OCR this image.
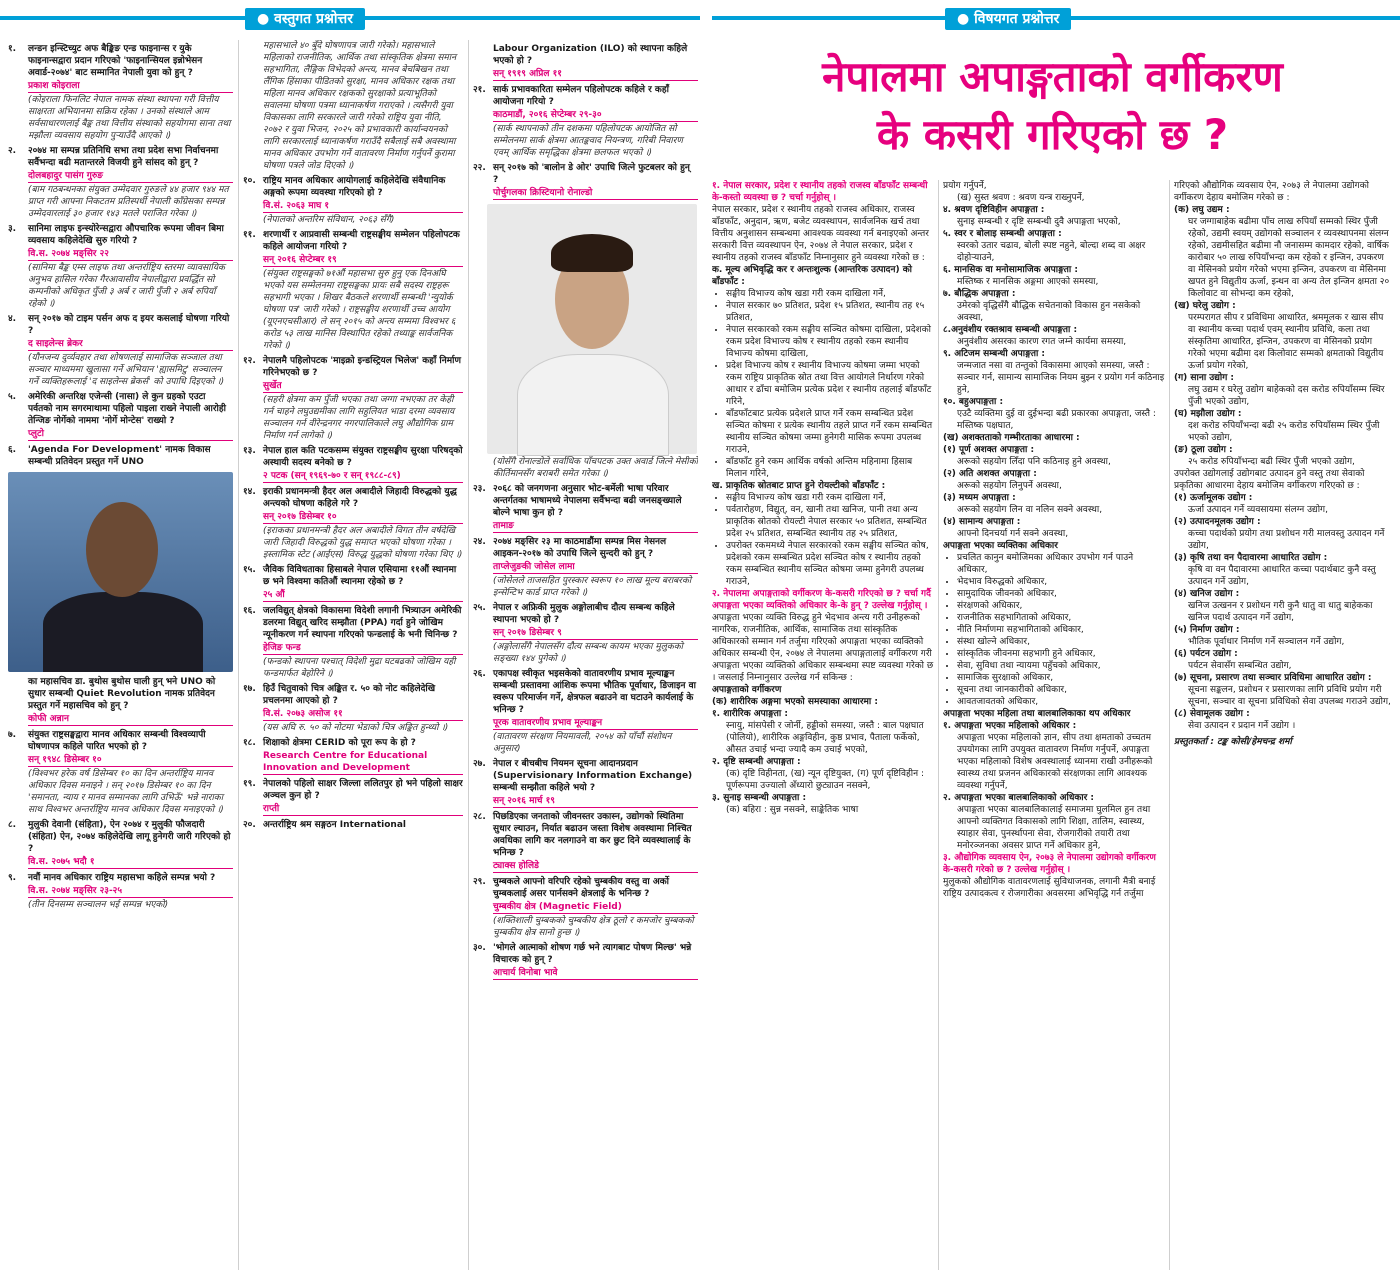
● वस्तुगत प्रश्नोत्तर	● विषयगत प्रश्नोत्तर
१.	लन्डन इन्स्टिच्युट अफ बैङ्किङ एन्ड फाइनान्स र युके फाइनान्सद्वारा प्रदान गरिएको 'फाइनान्सियल इन्नोभेसन अवार्ड-२०७४' बाट सम्मानित नेपाली युवा को हुन् ?
प्रकाश कोइराला
(कोइराला फिनलिट नेपाल नामक संस्था स्थापना गरी वित्तीय साक्षरता अभियानमा सक्रिय रहेका । उनको संस्थाले आम सर्वसाधारणलाई बैङ्क तथा वित्तीय संस्थाको सहयोगमा साना तथा मझौला व्यवसाय सहयोग पुऱ्याउँदै आएको ।)
२.	२०७४ मा सम्पन्न प्रतिनिधि सभा तथा प्रदेश सभा निर्वाचनमा सर्वैभन्दा बढी मतान्तरले विजयी हुने सांसद को हुन् ?
दोलबहादुर पासंग गुरुङ
(बाम गठबन्धनका संयुक्त उम्मेदवार गुरुङले ४४ हजार ९४४ मत प्राप्त गरी आफ्ना निकटतम प्रतिस्पर्धी नेपाली काँग्रेसका सम्पन्न उम्मेदवारलाई ३० हजार १४३ मतले पराजित गरेका ।)
३.	सानिमा लाइफ इन्स्योरेन्सद्वारा औपचारिक रूपमा जीवन बिमा व्यवसाय कहिलेदेखि सुरु गरियो ?
वि.स. २०७४ मङ्सिर २२
(सानिमा बैङ्क एम्स लाइफ तथा अन्तर्राष्ट्रिय स्तरमा व्यावसायिक अनुभव हासिल गरेका गैरआवासीय नेपालीद्वारा प्रवर्द्धित सो कम्पनीको अधिकृत पुँजी ३ अर्ब र जारी पुँजी २ अर्ब रुपियाँ रहेको ।)
४.	सन् २०१७ को टाइम पर्सन अफ द इयर कसलाई घोषणा गरियो ?
द साइलेन्स ब्रेकर
(यौनजन्य दुर्व्यवहार तथा शोषणलाई सामाजिक सञ्जाल तथा सञ्चार माध्यममा खुलासा गर्ने अभियान 'ह्यासमिटु' सञ्चालन गर्ने व्यक्तिहरूलाई 'द साइलेन्स ब्रेकर्स' को उपाधि दिइएको ।)
५.	अमेरिकी अन्तरिक्ष एजेन्सी (नासा) ले कुन ग्रहको एउटा पर्वतको नाम सगरमाथामा पहिलो पाइला राख्ने नेपाली आरोही तेन्जिङ नोर्गेको नाममा 'नोर्गे मोन्टेस' राख्यो ?
प्लुटो
६.	'Agenda For Development' नामक विकास सम्बन्धी प्रतिवेदन प्रस्तुत गर्ने UNO
का महासचिव डा. बुथोस बुथोस घाली हुन् भने UNO को सुधार सम्बन्धी Quiet Revolution नामक प्रतिवेदन प्रस्तुत गर्ने महासचिव को हुन् ?
कोफी अन्नान
७.	संयुक्त राष्ट्रसङ्घद्वारा मानव अधिकार सम्बन्धी विश्वव्यापी घोषणापत्र कहिले पारित भएको हो ?
सन् १९४८ डिसेम्बर १०
(विश्वभर हरेक वर्ष डिसेम्बर १० का दिन अन्तर्राष्ट्रिय मानव अधिकार दिवस मनाइने । सन् २०१७ डिसेम्बर १० का दिन 'समानता, न्याय र मानव सम्मानका लागि उभिऊँ' भन्ने नाराका साथ विश्वभर अन्तर्राष्ट्रिय मानव अधिकार दिवस मनाइएको ।)
८.	मुलुकी देवानी (संहिता), ऐन २०७४ र मुलुकी फौजदारी (संहिता) ऐन, २०७४ कहिलेदेखि लागू हुनेगरी जारी गरिएको हो ?
वि.स. २०७५ भदौ १
९.	नवौं मानव अधिकार राष्ट्रिय महासभा कहिले सम्पन्न भयो ?
वि.स. २०७४ मङ्सिर २३-२५
(तीन दिनसम्म सञ्चालन भई सम्पन्न भएको)
महासभाले ४० बुँदे घोषणापत्र जारी गरेको। महासभाले महिलाको राजनीतिक, आर्थिक तथा सांस्कृतिक क्षेत्रमा समान सहभागिता, लैङ्गिक विभेदको अन्त्य, मानव बेचबिखन तथा लैंगिक हिंसाका पीडितको सुरक्षा, मानव अधिकार रक्षक तथा महिला मानव अधिकार रक्षकको सुरक्षाको प्रत्याभूतिको सवालमा घोषणा पत्रमा ध्यानाकर्षण गराएको । त्यसैगरी युवा विकासका लागि सरकारले जारी गरेको राष्ट्रिय युवा नीति, २०७२ र युवा भिजन, २०२५ को प्रभावकारी कार्यान्वयनको लागि सरकारलाई ध्यानाकर्षण गराउँदै सबैलाई सबै अवस्थामा मानव अधिकार उपभोग गर्ने वातावरण निर्माण गर्नुपर्ने कुरामा घोषणा पत्रले जोड दिएको ।)
१०. राष्ट्रिय मानव अधिकार आयोगलाई कहिलेदेखि संवैधानिक अङ्गको रूपमा व्यवस्था गरिएको हो ?
वि.सं. २०६३ माघ १
(नेपालको अन्तरिम संविधान, २०६३ सँगै)
११. शरणार्थी र आप्रवासी सम्बन्धी राष्ट्रसङ्घीय सम्मेलन पहिलोपटक कहिले आयोजना गरियो ?
सन् २०१६ सेप्टेम्बर १९
(संयुक्त राष्ट्रसङ्घको ७१औं महासभा सुरु हुनु एक दिनअघि भएको यस सम्मेलनमा राष्ट्रसङ्घका प्रायः सबै सदस्य राष्ट्रहरू सहभागी भएका । शिखर बैठकले शरणार्थी सम्बन्धी 'न्युयोर्क घोषणा पत्र' जारी गरेको । राष्ट्रसङ्घीय शरणार्थी उच्च आयोग (यूएनएचसीआर) ले सन् २०१५ को अन्त्य सम्ममा विश्वभर ६ करोड ५३ लाख मानिस विस्थापित रहेको तथ्याङ्क सार्वजनिक गरेको ।)
१२. नेपालमै पहिलोपटक 'माइक्रो इन्डस्ट्रियल भिलेज' कहाँ निर्माण गरिनेभएको छ ?
सुर्खेत
(सहरी क्षेत्रमा कम पुँजी भएका तथा जग्गा नभएका तर केही गर्न चाहने लघुउद्यमीका लागि सहुलियत भाडा दरमा व्यवसाय सञ्चालन गर्न वीरेन्द्रनगर नगरपालिकाले लघु औद्योगिक ग्राम निर्माण गर्न लागेको ।)
१३. नेपाल हाल कति पटकसम्म संयुक्त राष्ट्रसङ्घीय सुरक्षा परिषद्को अस्थायी सदस्य बनेको छ ?
२ पटक (सन् १९६९-७० र सन् १९८८-८९)
१४. इराकी प्रधानमन्त्री हैदर अल अबादीले जिहादी विरुद्धको युद्ध अन्त्यको घोषणा कहिले गरे ?
सन् २०१७ डिसेम्बर १०
(इराकका प्रधानमन्त्री हैदर अल अबादीले विगत तीन वर्षदेखि जारी जिहादी विरुद्धको युद्ध समाप्त भएको घोषणा गरेका । इस्लामिक स्टेट (आईएस) विरुद्ध युद्धको घोषणा गरेका थिए ।)
१५. जैविक विविधताका हिसाबले नेपाल एसियामा ११औं स्थानमा छ भने विश्वमा कतिऔं स्थानमा रहेको छ ?
२५ औं
१६. जलविद्युत् क्षेत्रको विकासमा विदेशी लगानी भित्र्याउन अमेरिकी डलरमा विद्युत् खरिद सम्झौता (PPA) गर्दा हुने जोखिम न्यूनीकरण गर्न स्थापना गरिएको फन्डलाई के भनी चिनिन्छ ?
हेजिङ फन्ड
(फन्डको स्थापना पश्चात् विदेशी मुद्रा घटबढको जोखिम यही फन्डमार्फत बेहोरिने ।)
१७. हिउँ चितुवाको चित्र अङ्कित र. ५० को नोट कहिलेदेखि प्रचलनमा आएको हो ?
वि.सं. २०७३ असोज ११
(यस अघि रु. ५० को नोटमा भेडाको चित्र अङ्कित हुन्थ्यो ।)
१८. शिक्षाको क्षेत्रमा CERID को पूरा रूप के हो ?
Research Centre for Educational Innovation and Development
१९. नेपालको पहिलो साक्षर जिल्ला ललितपुर हो भने पहिलो साक्षर अञ्चल कुन हो ?
राप्ती
२०. अन्तर्राष्ट्रिय श्रम सङ्गठन International
Labour Organization (ILO) को स्थापना कहिले भएको हो ?
सन् १९१९ अप्रिल ११
२१. सार्क प्रभावकारिता सम्मेलन पहिलोपटक कहिले र कहाँ आयोजना गरियो ?
काठमाडौं, २०१६ सेप्टेम्बर २९-३०
(सार्क स्थापनाको तीन दशकमा पहिलोपटक आयोजित सो सम्मेलनमा सार्क क्षेत्रमा आतङ्कवाद नियन्त्रण, गरिबी निवारण एवम् आर्थिक समृद्धिका क्षेत्रमा छलफल भएको ।)
२२. सन् २०१७ को 'बालोन डे ओर' उपाधि जित्ने फुटबलर को हुन् ?
पोर्चुगलका क्रिस्टियानो रोनाल्डो
(योसँगै रोनाल्डोले सर्वाधिक पाँचपटक उक्त अवार्ड जित्ने मेसीको कीर्तिमानसँग बराबरी समेत गरेका ।)
२३. २०६८ को जनगणना अनुसार भोट-बर्मेली भाषा परिवार अन्तर्गतका भाषामध्ये नेपालमा सर्वैभन्दा बढी जनसङ्ख्याले बोल्ने भाषा कुन हो ?
तामाङ
२४. २०७४ मङ्सिर २३ मा काठमाडौंमा सम्पन्न मिस नेसनल आइकन-२०१७ को उपाधि जित्ने सुन्दरी को हुन् ?
ताप्लेजुङकी जोसेल लामा
(जोसेलले ताजसहित पुरस्कार स्वरूप १० लाख मूल्य बराबरको इन्सेन्टिभ कार्ड प्राप्त गरेको ।)
२५. नेपाल र अफ्रिकी मुलुक अङ्गोलाबीच दौत्य सम्बन्ध कहिले स्थापना भएको हो ?
सन् २०१७ डिसेम्बर ९
(अङ्गोलासँगै नेपालसँग दौत्य सम्बन्ध कायम भएका मुलुकको सङ्ख्या १४४ पुगेको ।)
२६. एकापक्ष स्वीकृत भइसकेको वातावरणीय प्रभाव मूल्याङ्कन सम्बन्धी प्रस्तावमा आंशिक रूपमा भौतिक पूर्वाधार, डिजाइन वा स्वरूप परिमार्जन गर्ने, क्षेत्रफल बढाउने वा घटाउने कार्यलाई के भनिन्छ ?
पूरक वातावरणीय प्रभाव मूल्याङ्कन
(वातावरण संरक्षण नियमावली, २०५४ को पाँचौं संशोधन अनुसार)
२७. नेपाल र बीचबीच नियमन सूचना आदानप्रदान (Supervisionary Information Exchange) सम्बन्धी सम्झौता कहिले भयो ?
सन् २०१६ मार्च १९
२८. पिछडिएका जनताको जीवनस्तर उकास्न, उद्योगको स्थितिमा सुधार ल्याउन, निर्यात बढाउन जस्ता विशेष अवस्थामा निश्चित अवधिका लागि कर नलगाउने वा कर छुट दिने व्यवस्थालाई के भनिन्छ ?
ट्याक्स होलिडे
२९. चुम्बकले आफ्नो वरिपरि रहेको चुम्बकीय वस्तु वा अर्को चुम्बकलाई असर पार्नसक्ने क्षेत्रलाई के भनिन्छ ?
चुम्बकीय क्षेत्र (Magnetic Field)
(शक्तिशाली चुम्बकको चुम्बकीय क्षेत्र ठूलो र कमजोर चुम्बकको चुम्बकीय क्षेत्र सानो हुन्छ ।)
३०. 'भोगले आत्माको शोषण गर्छ भने त्यागबाट पोषण मिल्छ' भन्ने विचारक को हुन् ?
आचार्य विनोबा भावे
नेपालमा अपाङ्गताको वर्गीकरण
के कसरी गरिएको छ ?
१. नेपाल सरकार, प्रदेश र स्थानीय तहको राजस्व बाँडफाँट सम्बन्धी के-कस्तो व्यवस्था छ ? चर्चा गर्नुहोस् ।
नेपाल सरकार, प्रदेश र स्थानीय तहको राजस्व अधिकार, राजस्व बाँडफाँट, अनुदान, ऋण, बजेट व्यवस्थापन, सार्वजनिक खर्च तथा वित्तीय अनुशासन सम्बन्धमा आवश्यक व्यवस्था गर्न बनाइएको अन्तर सरकारी वित्त व्यवस्थापन ऐन, २०७४ ले नेपाल सरकार, प्रदेश र स्थानीय तहको राजस्व बाँडफाँट निम्नानुसार हुने व्यवस्था गरेको छ :
क. मूल्य अभिवृद्धि कर र अन्तःशुल्क (आन्तरिक उत्पादन) को बाँडफाँट :
• सङ्घीय विभाज्य कोष खडा गरी रकम दाखिला गर्ने,
• नेपाल सरकार ७० प्रतिशत, प्रदेश १५ प्रतिशत, स्थानीय तह १५ प्रतिशत,
• नेपाल सरकारको रकम सङ्घीय सञ्चित कोषमा दाखिला, प्रदेशको रकम प्रदेश विभाज्य कोष र स्थानीय तहको रकम स्थानीय विभाज्य कोषमा दाखिला,
• प्रदेश विभाज्य कोष र स्थानीय विभाज्य कोषमा जम्मा भएको रकम राष्ट्रिय प्राकृतिक स्रोत तथा वित्त आयोगले निर्धारण गरेको आधार र ढाँचा बमोजिम प्रत्येक प्रदेश र स्थानीय तहलाई बाँडफाँट गरिने,
• बाँडफाँटबाट प्रत्येक प्रदेशले प्राप्त गर्ने रकम सम्बन्धित प्रदेश सञ्चित कोषमा र प्रत्येक स्थानीय तहले प्राप्त गर्ने रकम सम्बन्धित स्थानीय सञ्चित कोषमा जम्मा हुनेगरी मासिक रूपमा उपलब्ध गराउने,
• बाँडफाँट हुने रकम आर्थिक वर्षको अन्तिम महिनामा हिसाब मिलान गरिने,
ख. प्राकृतिक स्रोतबाट प्राप्त हुने रोयल्टीको बाँडफाँट :
• सङ्घीय विभाज्य कोष खडा गरी रकम दाखिला गर्ने,
• पर्वतारोहण, विद्युत्, वन, खानी तथा खनिज, पानी तथा अन्य प्राकृतिक स्रोतको रोयल्टी नेपाल सरकार ५० प्रतिशत, सम्बन्धित प्रदेश २५ प्रतिशत, सम्बन्धित स्थानीय तह २५ प्रतिशत,
• उपरोक्त रकममध्ये नेपाल सरकारको रकम सङ्घीय सञ्चित कोष, प्रदेशको रकम सम्बन्धित प्रदेश सञ्चित कोष र स्थानीय तहको रकम सम्बन्धित स्थानीय सञ्चित कोषमा जम्मा हुनेगरी उपलब्ध गराउने,
२. नेपालमा अपाङ्गताको वर्गीकरण के-कसरी गरिएको छ ? चर्चा गर्दै अपाङ्गता भएका व्यक्तिको अधिकार के-के हुन् ? उल्लेख गर्नुहोस् ।
अपाङ्गता भएका व्यक्ति विरुद्ध हुने भेदभाव अन्त्य गरी उनीहरूको नागरिक, राजनीतिक, आर्थिक, सामाजिक तथा सांस्कृतिक अधिकारको सम्मान गर्न तर्जुमा गरिएको अपाङ्गता भएका व्यक्तिको अधिकार सम्बन्धी ऐन, २०७४ ले नेपालमा अपाङ्गतालाई वर्गीकरण गरी अपाङ्गता भएका व्यक्तिको अधिकार सम्बन्धमा स्पष्ट व्यवस्था गरेको छ । जसलाई निम्नानुसार उल्लेख गर्न सकिन्छ :
अपाङ्गताको वर्गीकरण
(क) शारीरिक अङ्गमा भएको समस्याका आधारमा :
१. शारीरिक अपाङ्गता :
स्नायु, मांसपेसी र जोर्नी, हड्डीको समस्या, जस्तै : बाल पक्षघात (पोलियो), शारीरिक अङ्गविहीन, कुष्ठ प्रभाव, पैताला फर्केको, औसत उचाई भन्दा ज्यादै कम उचाई भएको,
२. दृष्टि सम्बन्धी अपाङ्गता :
(क) दृष्टि विहीनता, (ख) न्यून दृष्टियुक्त, (ग) पूर्ण दृष्टिविहीन : पूर्णरूपमा उज्यालो अँध्यारो छुट्याउन नसक्ने,
३. सुनाइ सम्बन्धी अपाङ्गता :
(क) बहिरा : सुन्न नसक्ने, साङ्केतिक भाषा
प्रयोग गर्नुपर्ने,
(ख) सुस्त श्रवण : श्रवण यन्त्र राख्नुपर्ने,
४. श्रवण दृष्टिविहीन अपाङ्गता :
सुनाइ सम्बन्धी र दृष्टि सम्बन्धी दुवै अपाङ्गता भएको,
५. स्वर र बोलाइ सम्बन्धी अपाङ्गता :
स्वरको उतार चढाव, बोली स्पष्ट नहुने, बोल्दा शब्द वा अक्षर दोहोऱ्याउने,
६. मानसिक वा मनोसामाजिक अपाङ्गता :
मस्तिष्क र मानसिक अङ्गमा आएको समस्या,
७. बौद्धिक अपाङ्गता :
उमेरको वृद्धिसँगै बौद्धिक सचेतनाको विकास हुन नसकेको अवस्था,
८.अनुवंशीय रक्तश्राव सम्बन्धी अपाङ्गता :
अनुवंशीय असरका कारण रगत जम्ने कार्यमा समस्या,
९. अटिजम सम्बन्धी अपाङ्गता :
जन्मजात नसा वा तन्तुको विकासमा आएको समस्या, जस्तै : सञ्चार गर्न, सामान्य सामाजिक नियम बुझ्न र प्रयोग गर्न कठिनाइ हुने,
१०. बहुअपाङ्गता :
एउटै व्यक्तिमा दुई वा दुईभन्दा बढी प्रकारका अपाङ्गता, जस्तै : मस्तिष्क पक्षघात,
(ख) अशक्तताको गम्भीरताका आधारमा :
(१) पूर्ण अशक्त अपाङ्गता :
अरूको सहयोग लिँदा पनि कठिनाइ हुने अवस्था,
(२) अति अशक्त अपाङ्गता :
अरूको सहयोग लिनुपर्ने अवस्था,
(३) मध्यम अपाङ्गता :
अरूको सहयोग लिन वा नलिन सक्ने अवस्था,
(४) सामान्य अपाङ्गता :
आफ्नो दिनचर्या गर्न सक्ने अवस्था,
अपाङ्गता भएका व्यक्तिका अधिकार
• प्रचलित कानुन बमोजिमका अधिकार उपभोग गर्न पाउने अधिकार,
• भेदभाव विरुद्धको अधिकार,
• सामुदायिक जीवनको अधिकार,
• संरक्षणको अधिकार,
• राजनीतिक सहभागिताको अधिकार,
• नीति निर्माणमा सहभागिताको अधिकार,
• संस्था खोल्ने अधिकार,
• सांस्कृतिक जीवनमा सहभागी हुने अधिकार,
• सेवा, सुविधा तथा न्यायमा पहुँचको अधिकार,
• सामाजिक सुरक्षाको अधिकार,
• सूचना तथा जानकारीको अधिकार,
• आवतजावतको अधिकार,
अपाङ्गता भएका महिला तथा बालबालिकाका थप अधिकार
१. अपाङ्गता भएका महिलाको अधिकार :
अपाङ्गता भएका महिलाको ज्ञान, सीप तथा क्षमताको उच्चतम उपयोगका लागि उपयुक्त वातावरण निर्माण गर्नुपर्ने, अपाङ्गता भएका महिलाको विशेष अवस्थालाई ध्यानमा राखी उनीहरूको स्वास्थ्य तथा प्रजनन अधिकारको संरक्षणका लागि आवश्यक व्यवस्था गर्नुपर्ने,
२. अपाङ्गता भएका बालबालिकाको अधिकार :
अपाङ्गता भएका बालबालिकालाई समाजमा घुलमिल हुन तथा आफ्नो व्यक्तिगत विकासको लागि शिक्षा, तालिम, स्वास्थ्य, स्याहार सेवा, पुनर्स्थापना सेवा, रोजगारीको तयारी तथा मनोरञ्जनका अवसर प्राप्त गर्ने अधिकार हुने,
३. औद्योगिक व्यवसाय ऐन, २०७३ ले नेपालमा उद्योगको वर्गीकरण के-कसरी गरेको छ ? उल्लेख गर्नुहोस् ।
मुलुकको औद्योगिक वातावरणलाई सुविधाजनक, लगानी मैत्री बनाई राष्ट्रिय उत्पादकत्व र रोजगारीका अवसरमा अभिवृद्धि गर्न तर्जुमा
गरिएको औद्योगिक व्यवसाय ऐन, २०७३ ले नेपालमा उद्योगको वर्गीकरण देहाय बमोजिम गरेको छ :
(क) लघु उद्यम :
घर जग्गाबाहेक बढीमा पाँच लाख रुपियाँ सम्मको स्थिर पुँजी रहेको, उद्यमी स्वयम् उद्योगको सञ्चालन र व्यवस्थापनमा संलग्न रहेको, उद्यमीसहित बढीमा नौ जनासम्म कामदार रहेको, वार्षिक कारोबार ५० लाख रुपियाँभन्दा कम रहेको र इन्जिन, उपकरण वा मेसिनको प्रयोग गरेको भएमा इन्जिन, उपकरण वा मेसिनमा खपत हुने विद्युतीय ऊर्जा, इन्धन वा अन्य तेल इन्जिन क्षमता २० किलोवाट वा सोभन्दा कम रहेको,
(ख) घरेलु उद्योग :
परम्परागत सीप र प्रविधिमा आधारित, श्रममूलक र खास सीप वा स्थानीय कच्चा पदार्थ एवम् स्थानीय प्रविधि, कला तथा संस्कृतिमा आधारित, इन्जिन, उपकरण वा मेसिनको प्रयोग गरेको भएमा बढीमा दश किलोवाट सम्मको क्षमताको विद्युतीय ऊर्जा प्रयोग गरेको,
(ग) साना उद्योग :
लघु उद्यम र घरेलु उद्योग बाहेकको दस करोड रुपियाँसम्म स्थिर पुँजी भएको उद्योग,
(घ) मझौला उद्योग :
दश करोड रुपियाँभन्दा बढी २५ करोड रुपियाँसम्म स्थिर पुँजी भएको उद्योग,
(ङ) ठूला उद्योग :
२५ करोड रुपियाँभन्दा बढी स्थिर पुँजी भएको उद्योग,
उपरोक्त उद्योगलाई उद्योगबाट उत्पादन हुने वस्तु तथा सेवाको प्रकृतिका आधारमा देहाय बमोजिम वर्गीकरण गरिएको छ :
(१) ऊर्जामूलक उद्योग :
ऊर्जा उत्पादन गर्ने व्यवसायमा संलग्न उद्योग,
(२) उत्पादनमूलक उद्योग :
कच्चा पदार्थको प्रयोग तथा प्रशोधन गरी मालवस्तु उत्पादन गर्ने उद्योग,
(३) कृषि तथा वन पैदावारमा आधारित उद्योग :
कृषि वा वन पैदावारमा आधारित कच्चा पदार्थबाट कुनै वस्तु उत्पादन गर्ने उद्योग,
(४) खनिज उद्योग :
खनिज उत्खनन र प्रशोधन गरी कुनै धातु वा धातु बाहेकका खनिज पदार्थ उत्पादन गर्ने उद्योग,
(५) निर्माण उद्योग :
भौतिक पूर्वाधार निर्माण गर्ने सञ्चालन गर्ने उद्योग,
(६) पर्यटन उद्योग :
पर्यटन सेवासँग सम्बन्धित उद्योग,
(७) सूचना, प्रसारण तथा सञ्चार प्रविधिमा आधारित उद्योग :
सूचना सङ्कलन, प्रशोधन र प्रसारणका लागि प्रविधि प्रयोग गरी सूचना, सञ्चार वा सूचना प्रविधिको सेवा उपलब्ध गराउने उद्योग,
(८) सेवामूलक उद्योग :
सेवा उत्पादन र प्रदान गर्ने उद्योग ।
प्रस्तुतकर्ता : टङ्क कोसी/हेमचन्द्र शर्मा
